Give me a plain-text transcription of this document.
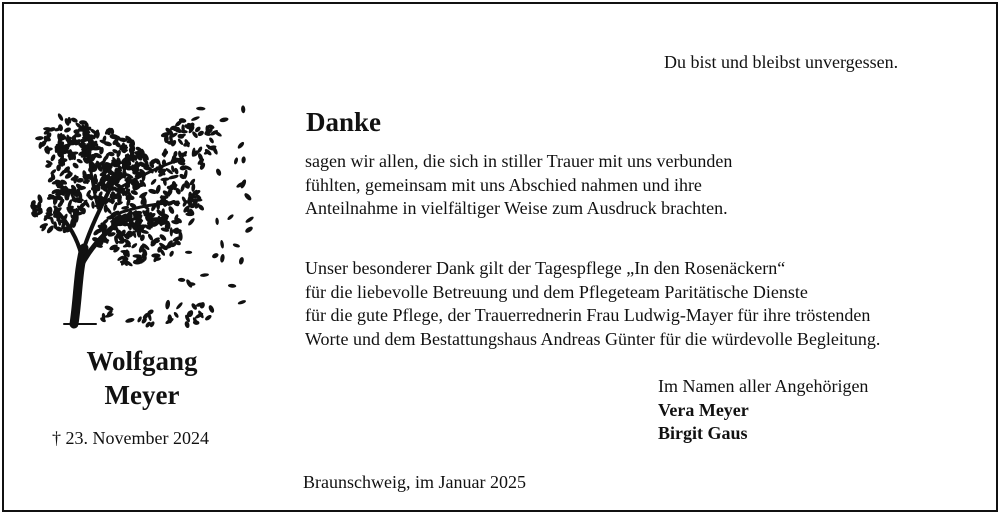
Du bist und bleibst unvergessen.
Wolfgang
Meyer
† 23. November 2024
Danke
sagen wir allen, die sich in stiller Trauer mit uns verbunden
fühlten, gemeinsam mit uns Abschied nahmen und ihre
Anteilnahme in vielfältiger Weise zum Ausdruck brachten.
Unser besonderer Dank gilt der Tagespflege „In den Rosenäckern“
für die liebevolle Betreuung und dem Pflegeteam Paritätische Dienste
für die gute Pflege, der Trauerrednerin Frau Ludwig-Mayer für ihre tröstenden
Worte und dem Bestattungshaus Andreas Günter für die würdevolle Begleitung.
Im Namen aller Angehörigen
Vera Meyer
Birgit Gaus
Braunschweig, im Januar 2025
